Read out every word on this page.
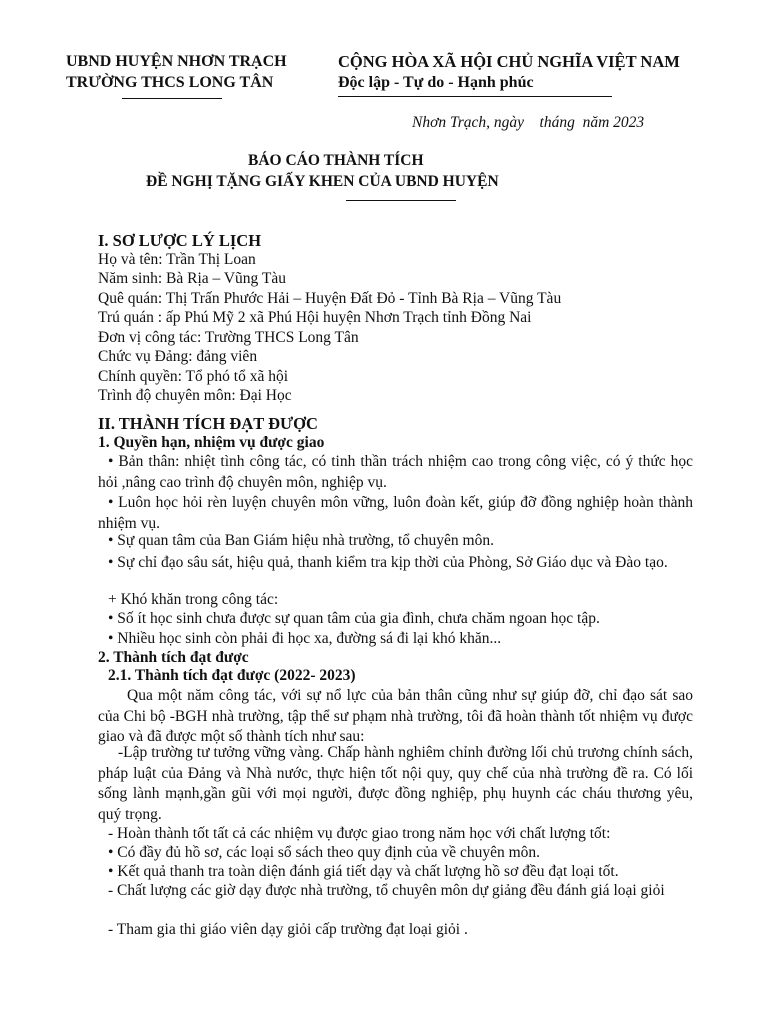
UBND HUYỆN NHƠN TRẠCH
TRƯỜNG THCS LONG TÂN
CỘNG HÒA XÃ HỘI CHỦ NGHĨA VIỆT NAM
Độc lập - Tự do - Hạnh phúc
Nhơn Trạch, ngày    tháng  năm 2023
BÁO CÁO THÀNH TÍCH
ĐỀ NGHỊ TẶNG GIẤY KHEN CỦA UBND HUYỆN
I. SƠ LƯỢC LÝ LỊCH
Họ và tên: Trần Thị Loan
Năm sinh: Bà Rịa – Vũng Tàu
Quê quán: Thị Trấn Phước Hải – Huyện Đất Đỏ - Tỉnh Bà Rịa – Vũng Tàu
Trú quán : ấp Phú Mỹ 2 xã Phú Hội huyện Nhơn Trạch tỉnh Đồng Nai
Đơn vị công tác: Trường THCS Long Tân
Chức vụ Đảng: đảng viên
Chính quyền: Tổ phó tổ xã hội
Trình độ chuyên môn: Đại Học
II. THÀNH TÍCH ĐẠT ĐƯỢC
1. Quyền hạn, nhiệm vụ được giao
• Bản thân: nhiệt tình công tác, có tinh thần trách nhiệm cao trong công việc, có ý thức học hỏi ,nâng cao trình độ chuyên môn, nghiệp vụ.
• Luôn học hỏi rèn luyện chuyên môn vững, luôn đoàn kết, giúp đỡ đồng nghiệp hoàn thành nhiệm vụ.
• Sự quan tâm của Ban Giám hiệu nhà trường, tổ chuyên môn.
• Sự chỉ đạo sâu sát, hiệu quả, thanh kiểm tra kịp thời của Phòng, Sở Giáo dục và Đào tạo.
+ Khó khăn trong công tác:
• Số ít học sinh chưa được sự quan tâm của gia đình, chưa chăm ngoan học tập.
• Nhiều học sinh còn phải đi học xa, đường sá đi lại khó khăn...
2. Thành tích đạt được
2.1. Thành tích đạt được (2022- 2023)
Qua một năm công tác, với sự nổ lực của bản thân cũng như sự giúp đỡ, chỉ đạo sát sao của Chi bộ -BGH nhà trường, tập thể sư phạm nhà trường, tôi đã hoàn thành tốt nhiệm vụ được giao và đã được một số thành tích như sau:
-Lập trường tư tưởng vững vàng. Chấp hành nghiêm chỉnh đường lối chủ trương chính sách, pháp luật của Đảng và Nhà nước, thực hiện tốt nội quy, quy chế của nhà trường đề ra. Có lối sống lành mạnh,gần gũi với mọi người, được đồng nghiệp, phụ huynh các cháu thương yêu, quý trọng.
- Hoàn thành tốt tất cả các nhiệm vụ được giao trong năm học với chất lượng tốt:
• Có đầy đủ hồ sơ, các loại sổ sách theo quy định của về chuyên môn.
• Kết quả thanh tra toàn diện đánh giá tiết dạy và chất lượng hồ sơ đều đạt loại tốt.
- Chất lượng các giờ dạy được nhà trường, tổ chuyên môn dự giảng đều đánh giá loại giỏi
- Tham gia thi giáo viên dạy giỏi cấp trường đạt loại giỏi .
